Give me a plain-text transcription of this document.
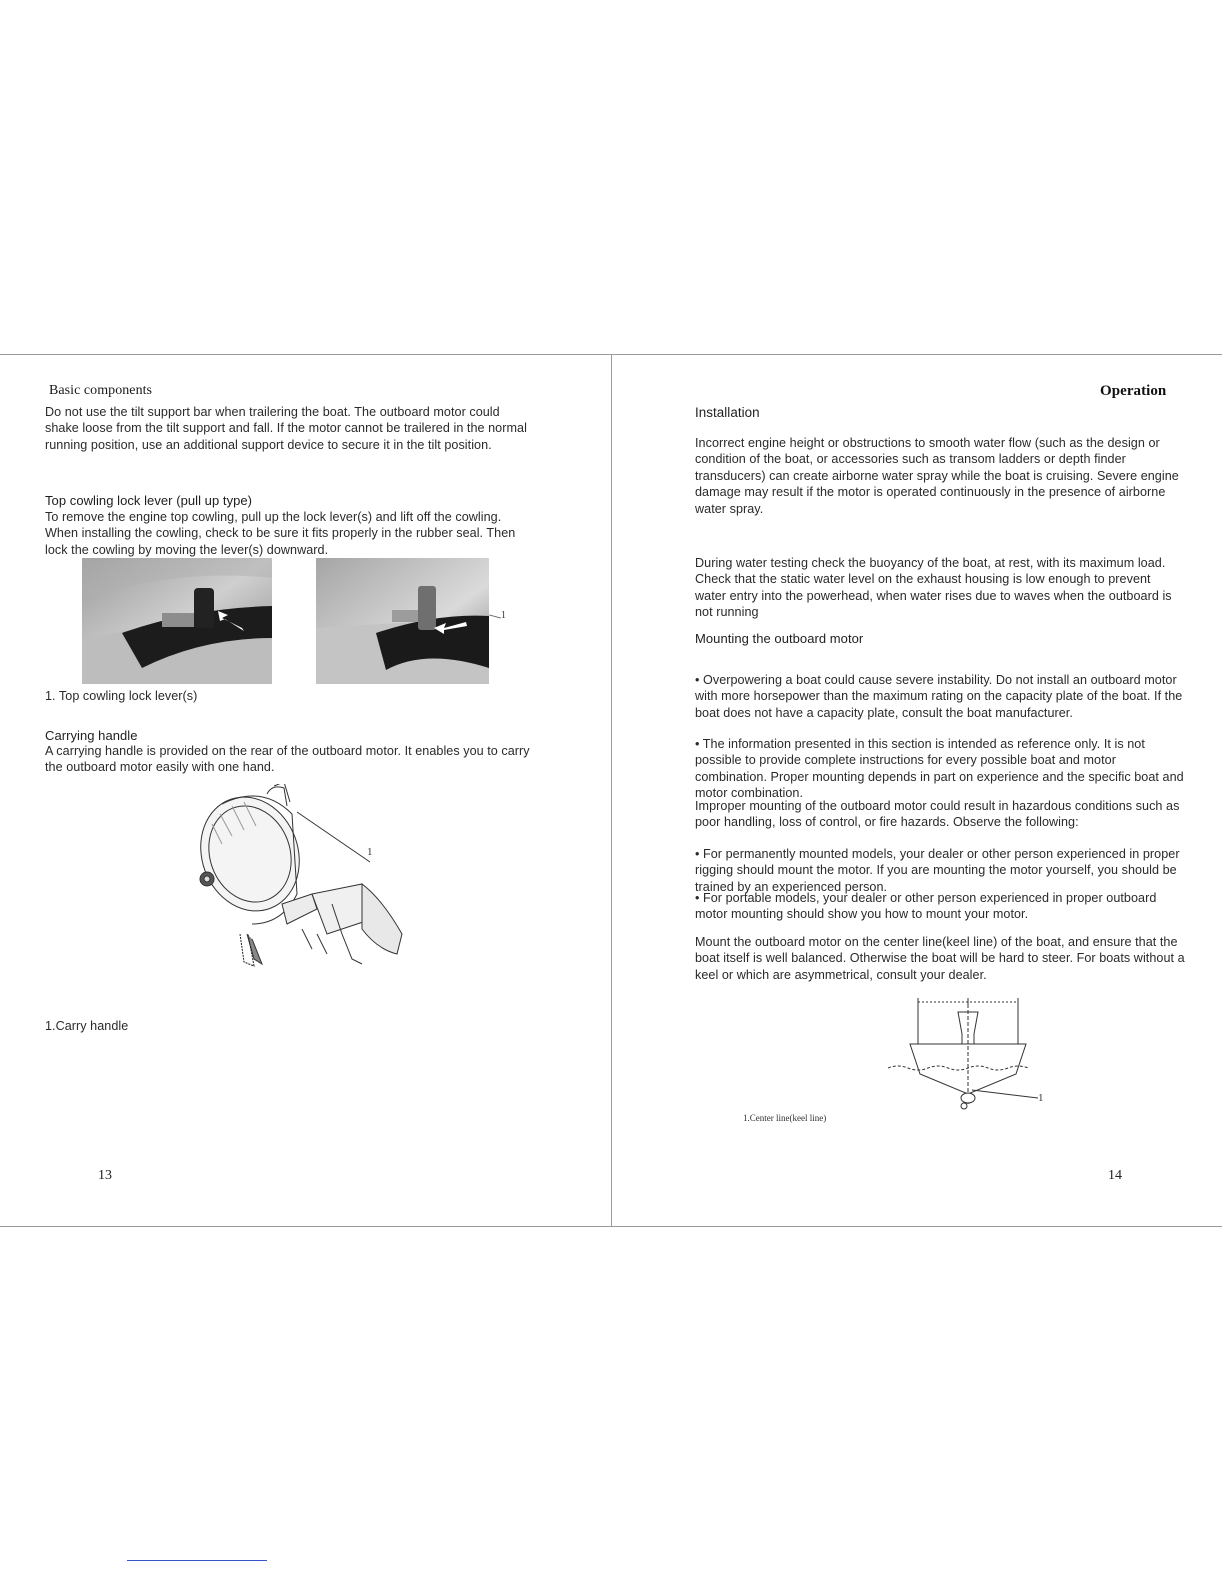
Basic components

Do not use the tilt support bar when trailering the boat. The outboard motor could shake loose from the tilt support and fall. If the motor cannot be trailered in the normal running position, use an additional support device to secure it in the tilt position.

Top cowling lock lever (pull up type)

To remove the engine top cowling, pull up the lock lever(s) and lift off the cowling. When installing the cowling, check to be sure it fits properly in the rubber seal. Then lock the cowling by moving the lever(s) downward.

1
1. Top cowling lock lever(s)
Carrying handle

A carrying handle is provided on the rear of the outboard motor. It enables you to carry the outboard motor easily with one hand.

1
1.Carry handle
13
Operation
Installation

Incorrect engine height or obstructions to smooth water flow (such as the design or condition of the boat, or accessories such as transom ladders or depth finder transducers) can create airborne water spray while the boat is cruising. Severe engine damage may result if the motor is operated continuously in the presence of airborne water spray.

During water testing check the buoyancy of the boat, at rest, with its maximum load. Check that the static water level on the exhaust housing is low enough to prevent water entry into the powerhead, when water rises due to waves when the outboard is not running

Mounting the outboard motor

• Overpowering a boat could cause severe instability. Do not install an outboard motor with more horsepower than the maximum rating on the capacity plate of the boat. If the boat does not have a capacity plate, consult the boat manufacturer.

• The information presented in this section is intended as reference only. It is not possible to provide complete instructions for every possible boat and motor combination. Proper mounting depends in part on experience and the specific boat and motor combination.

Improper mounting of the outboard motor could result in hazardous conditions such as poor handling, loss of control, or fire hazards. Observe the following:

• For permanently mounted models, your dealer or other person experienced in proper rigging should mount the motor. If you are mounting the motor yourself, you should be trained by an experienced person.

• For portable models, your dealer or other person experienced in proper outboard motor mounting should show you how to mount your motor.

Mount the outboard motor on the center line(keel line) of the boat, and ensure that the boat itself is well balanced. Otherwise the boat will be hard to steer. For boats without a keel or which are asymmetrical, consult your dealer.

1
1.Center line(keel line)
14
